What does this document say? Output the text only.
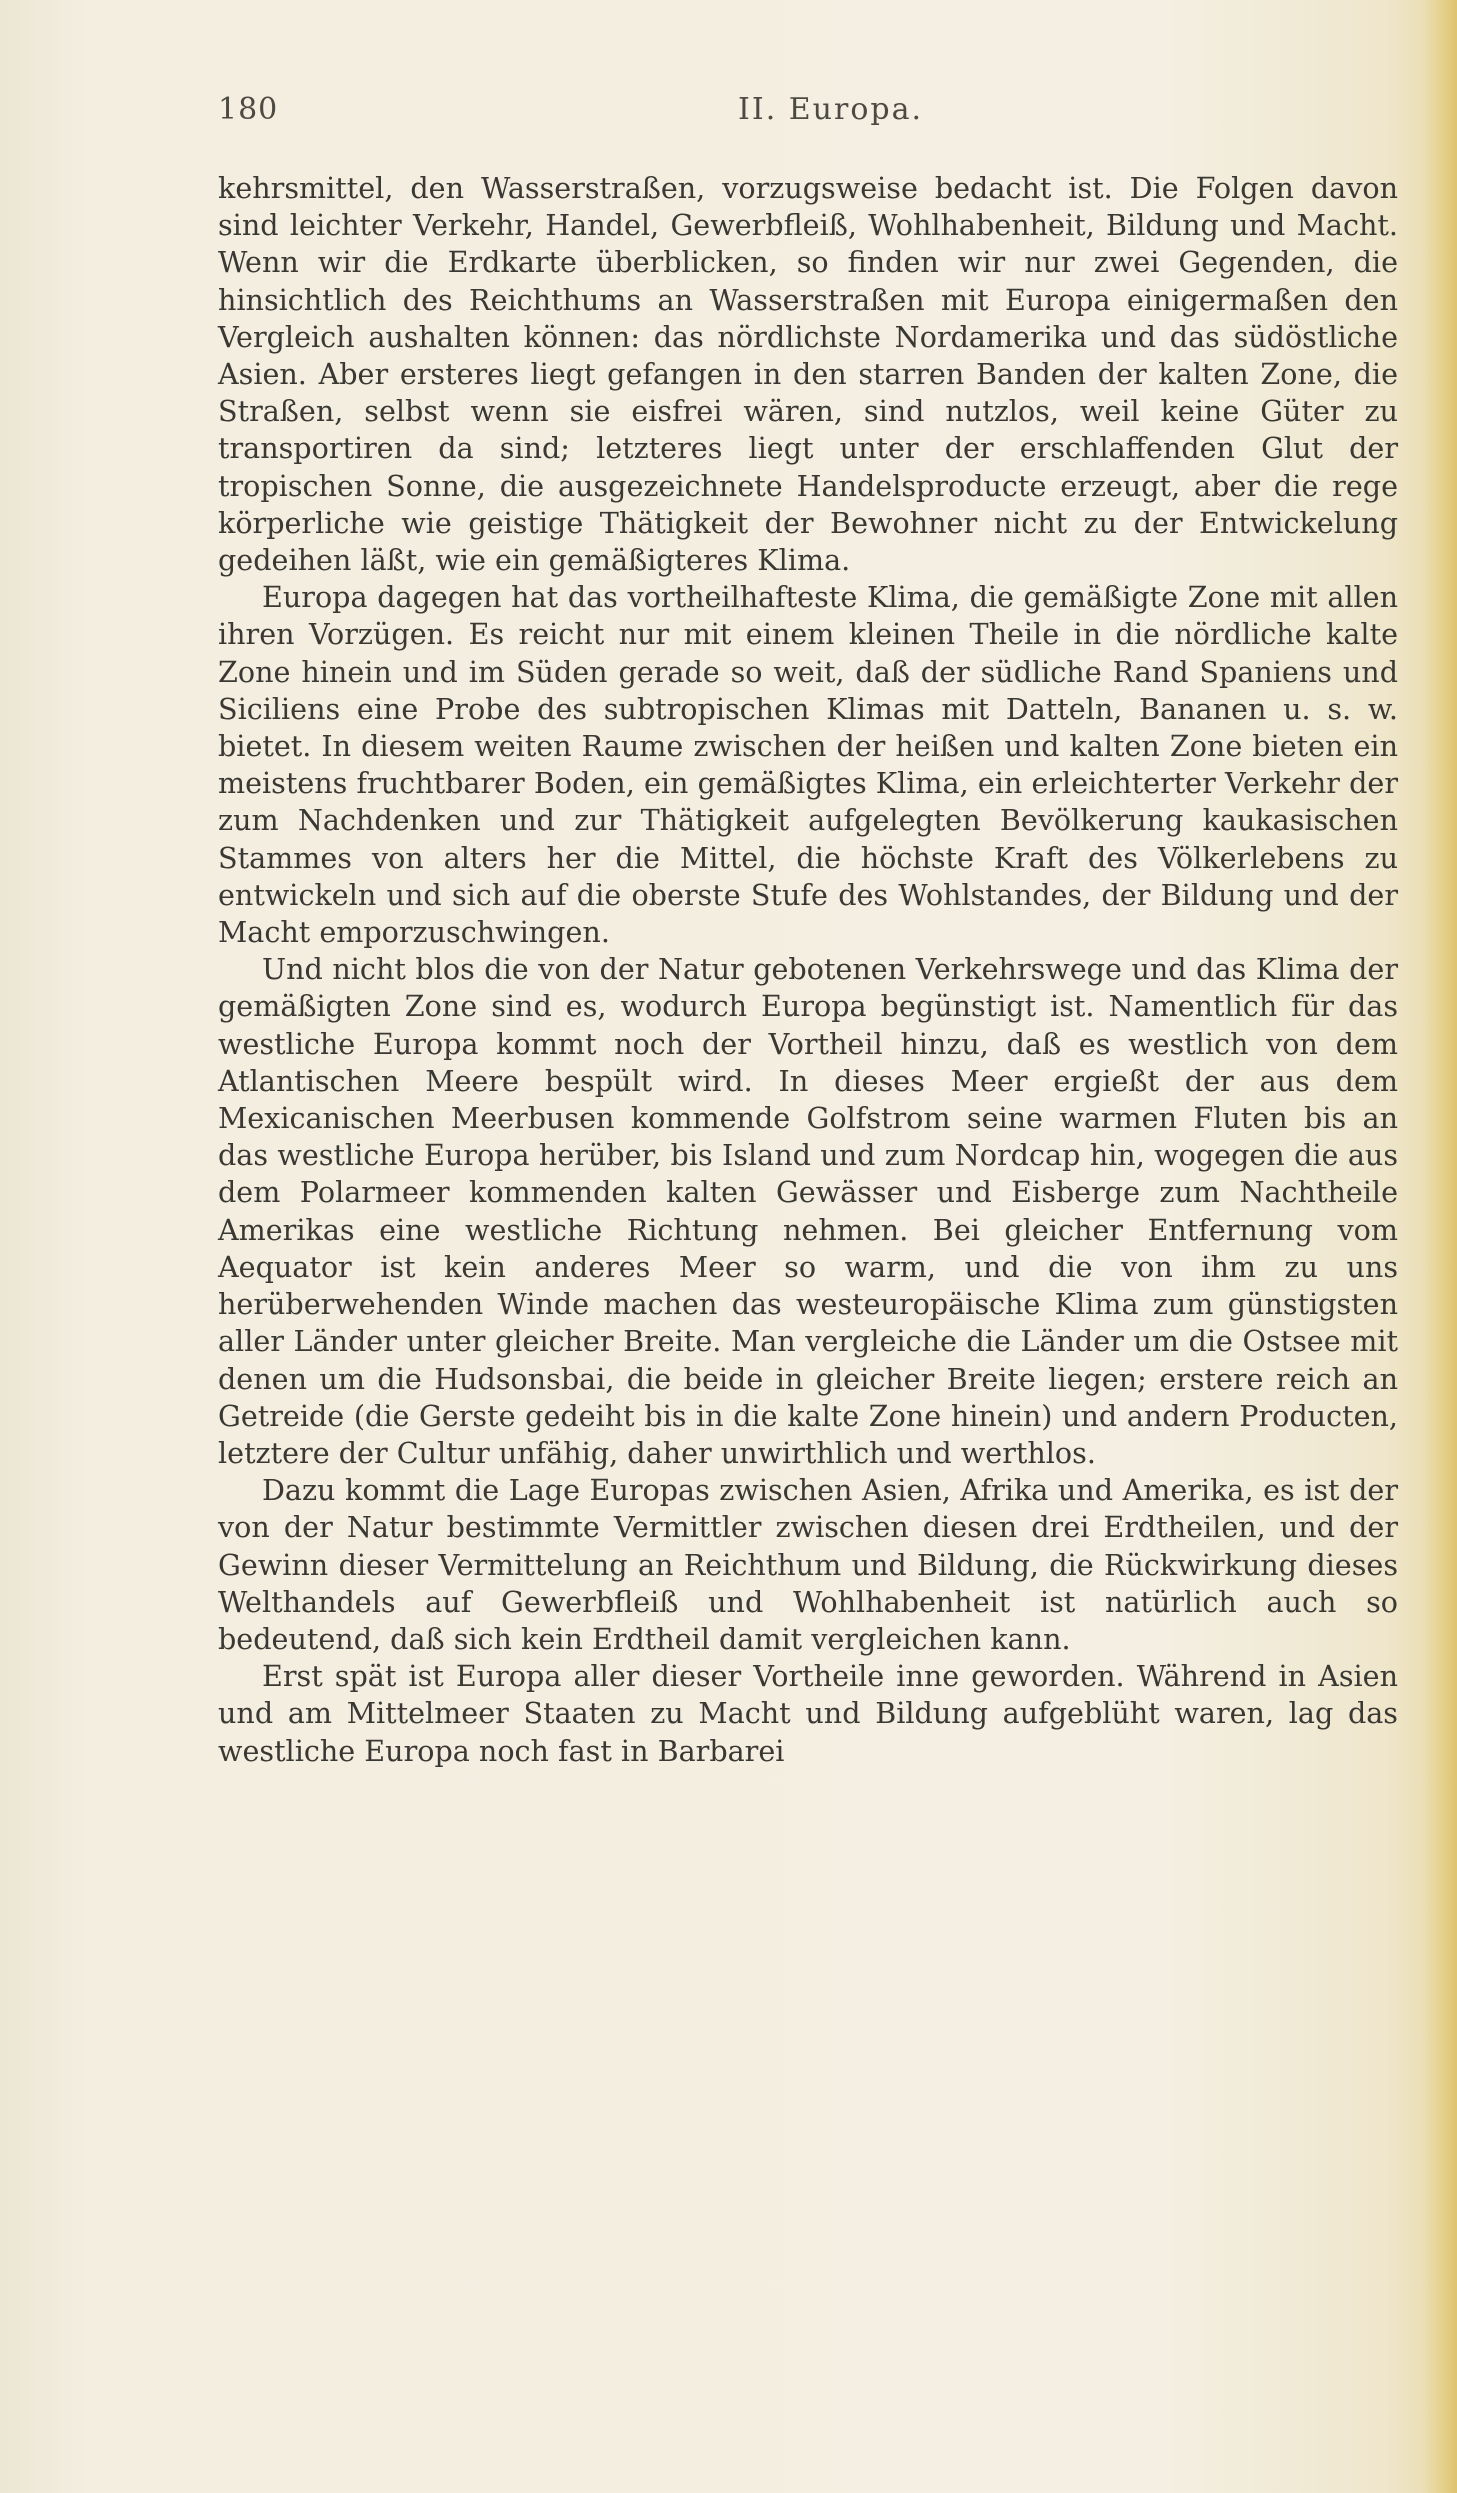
180	II. Europa.

kehrsmittel, den Wasserstraßen, vorzugsweise bedacht ist. Die Folgen davon sind leichter Verkehr, Handel, Gewerbfleiß, Wohlhabenheit, Bildung und Macht. Wenn wir die Erdkarte überblicken, so finden wir nur zwei Gegenden, die hinsichtlich des Reichthums an Wasserstraßen mit Europa einigermaßen den Vergleich aushalten können: das nördlichste Nordamerika und das südöstliche Asien. Aber ersteres liegt gefangen in den starren Banden der kalten Zone, die Straßen, selbst wenn sie eisfrei wären, sind nutzlos, weil keine Güter zu transportiren da sind; letzteres liegt unter der erschlaffenden Glut der tropischen Sonne, die ausgezeichnete Handelsproducte erzeugt, aber die rege körperliche wie geistige Thätigkeit der Bewohner nicht zu der Entwickelung gedeihen läßt, wie ein gemäßigteres Klima.

Europa dagegen hat das vortheilhafteste Klima, die gemäßigte Zone mit allen ihren Vorzügen. Es reicht nur mit einem kleinen Theile in die nördliche kalte Zone hinein und im Süden gerade so weit, daß der südliche Rand Spaniens und Siciliens eine Probe des subtropischen Klimas mit Datteln, Bananen u. s. w. bietet. In diesem weiten Raume zwischen der heißen und kalten Zone bieten ein meistens fruchtbarer Boden, ein gemäßigtes Klima, ein erleichterter Verkehr der zum Nachdenken und zur Thätigkeit aufgelegten Bevölkerung kaukasischen Stammes von alters her die Mittel, die höchste Kraft des Völkerlebens zu entwickeln und sich auf die oberste Stufe des Wohlstandes, der Bildung und der Macht emporzuschwingen.

Und nicht blos die von der Natur gebotenen Verkehrswege und das Klima der gemäßigten Zone sind es, wodurch Europa begünstigt ist. Namentlich für das westliche Europa kommt noch der Vortheil hinzu, daß es westlich von dem Atlantischen Meere bespült wird. In dieses Meer ergießt der aus dem Mexicanischen Meerbusen kommende Golfstrom seine warmen Fluten bis an das westliche Europa herüber, bis Island und zum Nordcap hin, wogegen die aus dem Polarmeer kommenden kalten Gewässer und Eisberge zum Nachtheile Amerikas eine westliche Richtung nehmen. Bei gleicher Entfernung vom Aequator ist kein anderes Meer so warm, und die von ihm zu uns herüberwehenden Winde machen das westeuropäische Klima zum günstigsten aller Länder unter gleicher Breite. Man vergleiche die Länder um die Ostsee mit denen um die Hudsonsbai, die beide in gleicher Breite liegen; erstere reich an Getreide (die Gerste gedeiht bis in die kalte Zone hinein) und andern Producten, letztere der Cultur unfähig, daher unwirthlich und werthlos.

Dazu kommt die Lage Europas zwischen Asien, Afrika und Amerika, es ist der von der Natur bestimmte Vermittler zwischen diesen drei Erdtheilen, und der Gewinn dieser Vermittelung an Reichthum und Bildung, die Rückwirkung dieses Welthandels auf Gewerbfleiß und Wohlhabenheit ist natürlich auch so bedeutend, daß sich kein Erdtheil damit vergleichen kann.

Erst spät ist Europa aller dieser Vortheile inne geworden. Während in Asien und am Mittelmeer Staaten zu Macht und Bildung aufgeblüht waren, lag das westliche Europa noch fast in Barbarei
